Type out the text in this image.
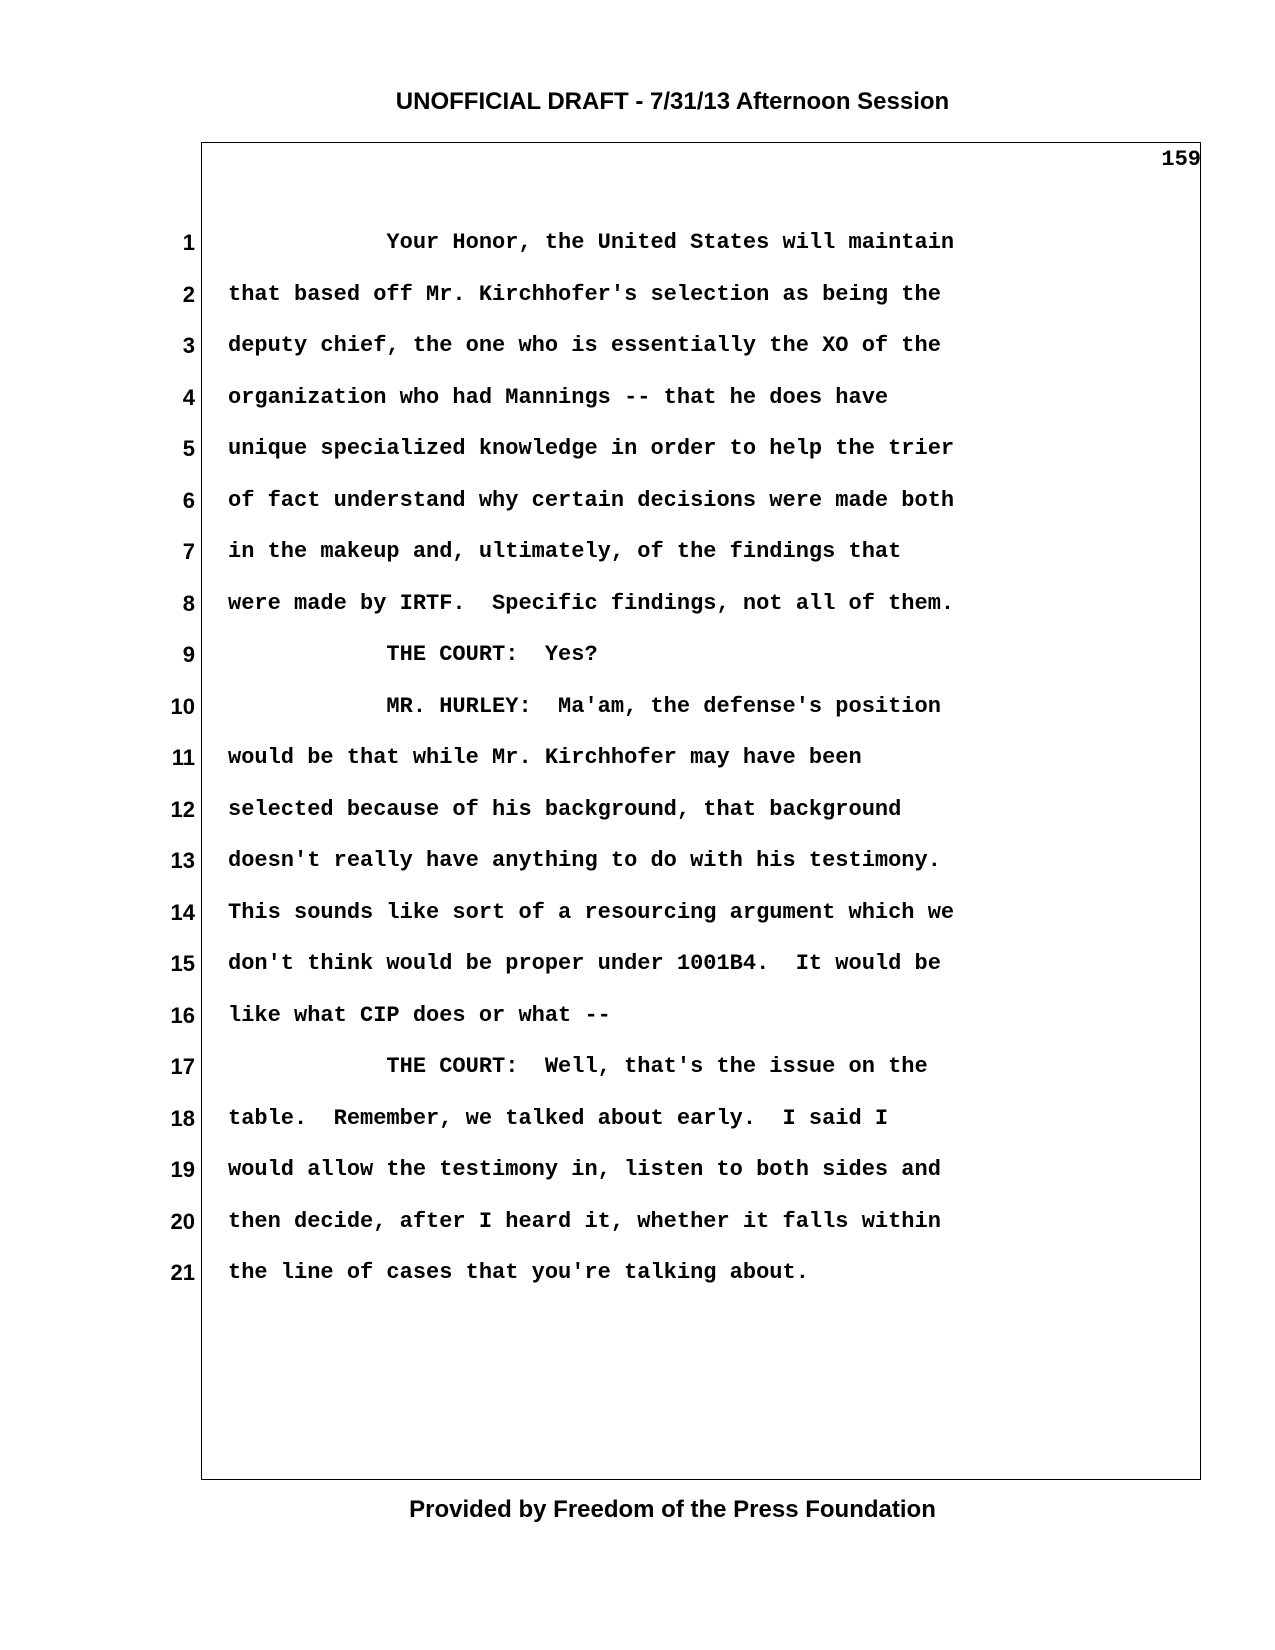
UNOFFICIAL DRAFT - 7/31/13 Afternoon Session
159
1 Your Honor, the United States will maintain
2 that based off Mr. Kirchhofer's selection as being the
3 deputy chief, the one who is essentially the XO of the
4 organization who had Mannings -- that he does have
5 unique specialized knowledge in order to help the trier
6 of fact understand why certain decisions were made both
7 in the makeup and, ultimately, of the findings that
8 were made by IRTF.  Specific findings, not all of them.
9 THE COURT:  Yes?
10 MR. HURLEY:  Ma'am, the defense's position
11 would be that while Mr. Kirchhofer may have been
12 selected because of his background, that background
13 doesn't really have anything to do with his testimony.
14 This sounds like sort of a resourcing argument which we
15 don't think would be proper under 1001B4.  It would be
16 like what CIP does or what --
17 THE COURT:  Well, that's the issue on the
18 table.  Remember, we talked about early.  I said I
19 would allow the testimony in, listen to both sides and
20 then decide, after I heard it, whether it falls within
21 the line of cases that you're talking about.
Provided by Freedom of the Press Foundation
